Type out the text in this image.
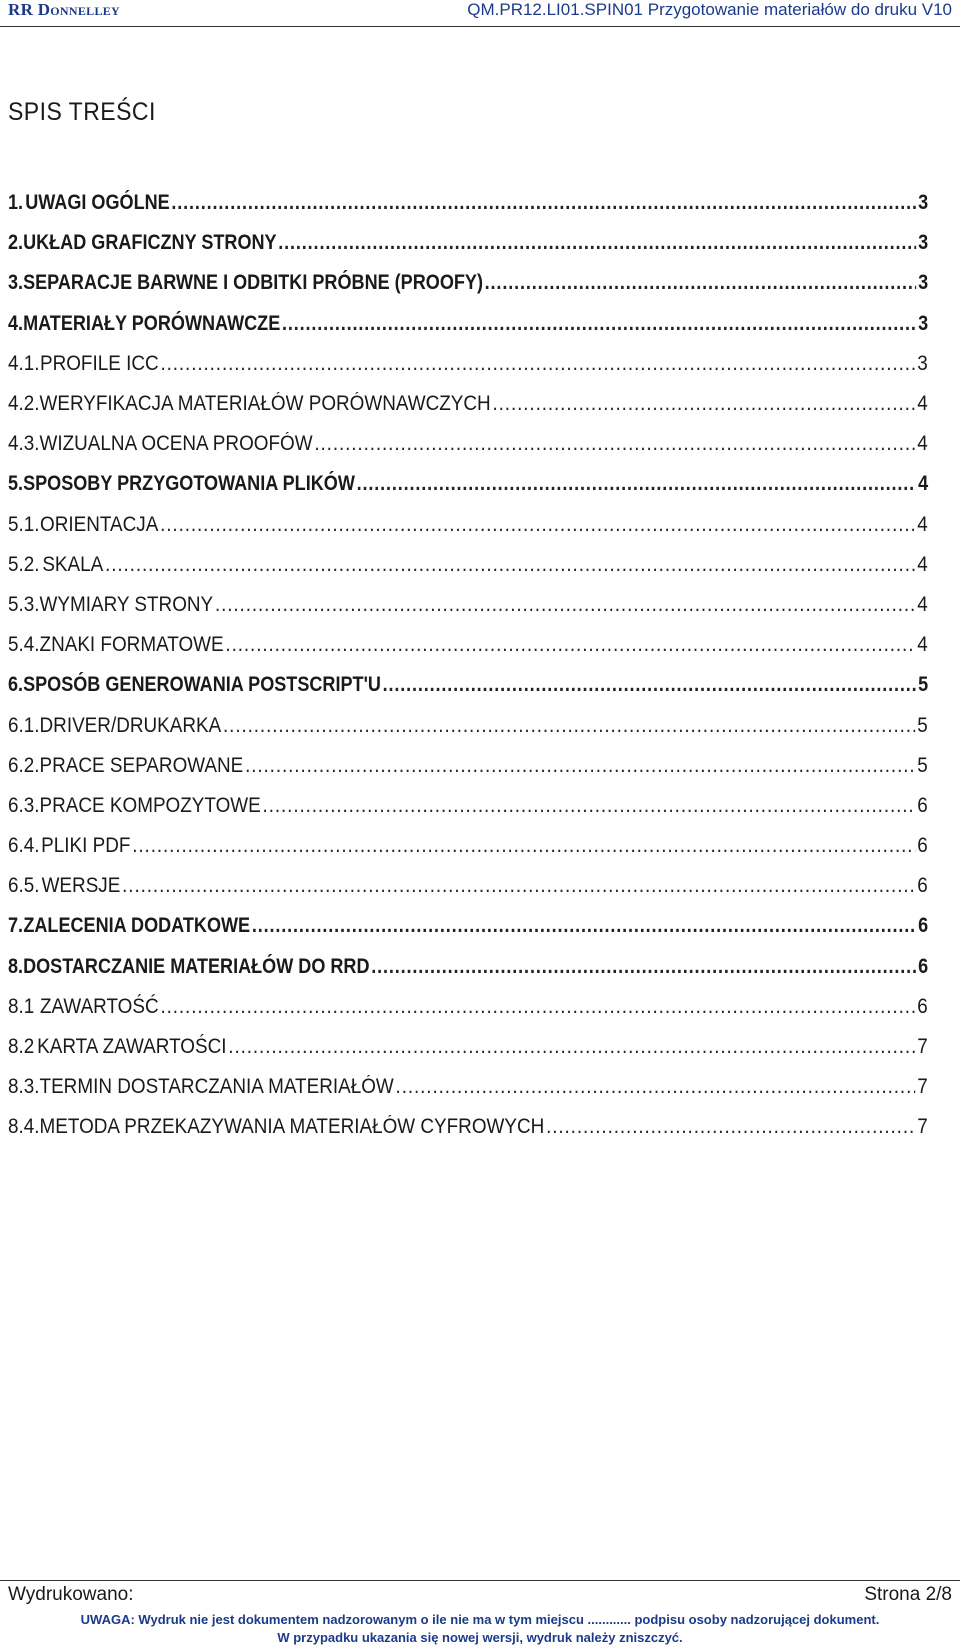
RR Donnelley	QM.PR12.LI01.SPIN01 Przygotowanie materiałów do druku V10
SPIS TREŚCI
1. UWAGI OGÓLNE .....	3
2. UKŁAD GRAFICZNY STRONY .....	3
3. SEPARACJE BARWNE I ODBITKI PRÓBNE (PROOFY) .....	3
4. MATERIAŁY PORÓWNAWCZE .....	3
4.1. PROFILE ICC .....	3
4.2. WERYFIKACJA MATERIAŁÓW PORÓWNAWCZYCH .....	4
4.3. WIZUALNA OCENA PROOFÓW .....	4
5. SPOSOBY PRZYGOTOWANIA PLIKÓW .....	4
5.1. ORIENTACJA .....	4
5.2. SKALA .....	4
5.3. WYMIARY STRONY .....	4
5.4. ZNAKI FORMATOWE .....	4
6. SPOSÓB GENEROWANIA POSTSCRIPT'U .....	5
6.1. DRIVER/DRUKARKA .....	5
6.2. PRACE SEPAROWANE .....	5
6.3. PRACE KOMPOZYTOWE .....	6
6.4. PLIKI PDF .....	6
6.5. WERSJE .....	6
7. ZALECENIA DODATKOWE .....	6
8. DOSTARCZANIE MATERIAŁÓW DO RRD .....	6
8.1 ZAWARTOŚĆ .....	6
8.2 KARTA ZAWARTOŚCI .....	7
8.3. TERMIN DOSTARCZANIA MATERIAŁÓW .....	7
8.4. METODA PRZEKAZYWANIA MATERIAŁÓW CYFROWYCH .....	7
Wydrukowano:	Strona 2/8
UWAGA: Wydruk nie jest dokumentem nadzorowanym o ile nie ma w tym miejscu ............ podpisu osoby nadzorującej dokument.
W przypadku ukazania się nowej wersji, wydruk należy zniszczyć.
